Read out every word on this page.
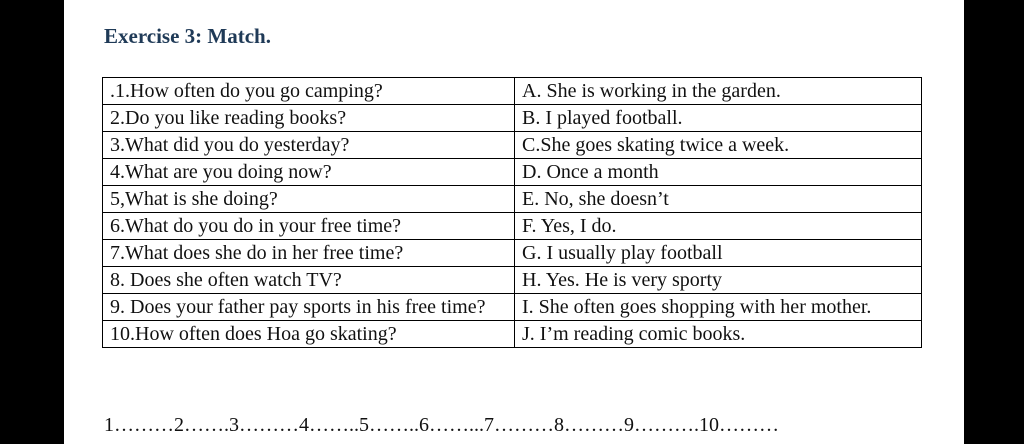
Exercise 3: Match.
.1.How often do you go camping?	A. She is working in the garden.
2.Do you like reading books?	B. I played football.
3.What did you do yesterday?	C.She goes skating twice a week.
4.What are you doing now?	D. Once a month
5,What is she doing?	E. No, she doesn’t
6.What do you do in your free time?	F. Yes, I do.
7.What does she do in her free time?	G. I usually play football
8. Does she often watch TV?	H. Yes. He is very sporty
9. Does your father pay sports in his free time?	I. She often goes shopping with her mother.
10.How often does Hoa go skating?	J. I’m reading comic books.
1………2…….3………4……..5……..6……...7………8………9……….10………
